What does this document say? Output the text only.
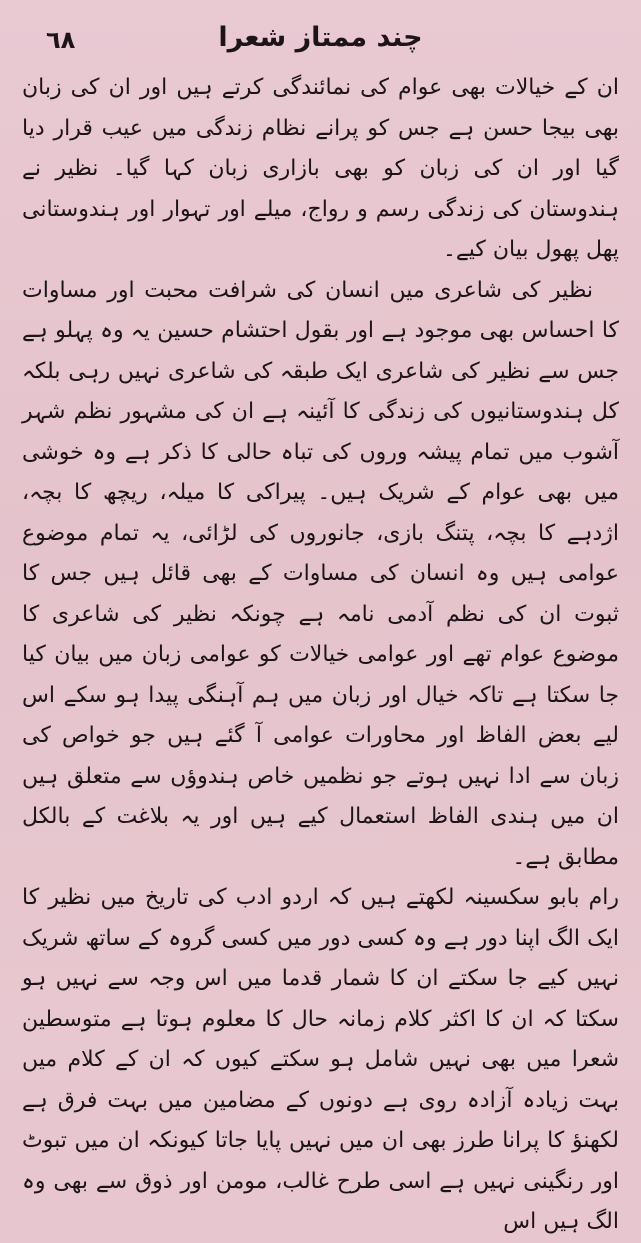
٦٨	چند ممتاز شعرا

ان کے خیالات بھی عوام کی نمائندگی کرتے ہیں اور ان کی زبان بھی بیجا حسن ہے جس کو پرانے نظام زندگی میں عیب قرار دیا گیا اور ان کی زبان کو بھی بازاری زبان کہا گیا۔ نظیر نے ہندوستان کی زندگی رسم و رواج، میلے اور تہوار اور ہندوستانی پھل پھول بیان کیے۔

نظیر کی شاعری میں انسان کی شرافت محبت اور مساوات کا احساس بھی موجود ہے اور بقول احتشام حسین یہ وہ پہلو ہے جس سے نظیر کی شاعری ایک طبقہ کی شاعری نہیں رہی بلکہ کل ہندوستانیوں کی زندگی کا آئینہ ہے ان کی مشہور نظم شہر آشوب میں تمام پیشہ وروں کی تباہ حالی کا ذکر ہے وہ خوشی میں بھی عوام کے شریک ہیں۔ پیراکی کا میلہ، ریچھ کا بچہ، اژدہے کا بچہ، پتنگ بازی، جانوروں کی لڑائی، یہ تمام موضوع عوامی ہیں وہ انسان کی مساوات کے بھی قائل ہیں جس کا ثبوت ان کی نظم آدمی نامہ ہے چونکہ نظیر کی شاعری کا موضوع عوام تھے اور عوامی خیالات کو عوامی زبان میں بیان کیا جا سکتا ہے تاکہ خیال اور زبان میں ہم آہنگی پیدا ہو سکے اس لیے بعض الفاظ اور محاورات عوامی آ گئے ہیں جو خواص کی زبان سے ادا نہیں ہوتے جو نظمیں خاص ہندوؤں سے متعلق ہیں ان میں ہندی الفاظ استعمال کیے ہیں اور یہ بلاغت کے بالکل مطابق ہے۔

رام بابو سکسینہ لکھتے ہیں کہ اردو ادب کی تاریخ میں نظیر کا ایک الگ اپنا دور ہے وہ کسی دور میں کسی گروہ کے ساتھ شریک نہیں کیے جا سکتے ان کا شمار قدما میں اس وجہ سے نہیں ہو سکتا کہ ان کا اکثر کلام زمانہ حال کا معلوم ہوتا ہے متوسطین شعرا میں بھی نہیں شامل ہو سکتے کیوں کہ ان کے کلام میں بہت زیادہ آزادہ روی ہے دونوں کے مضامین میں بہت فرق ہے لکھنؤ کا پرانا طرز بھی ان میں نہیں پایا جاتا کیونکہ ان میں تبوٹ اور رنگینی نہیں ہے اسی طرح غالب، مومن اور ذوق سے بھی وہ الگ ہیں اس
